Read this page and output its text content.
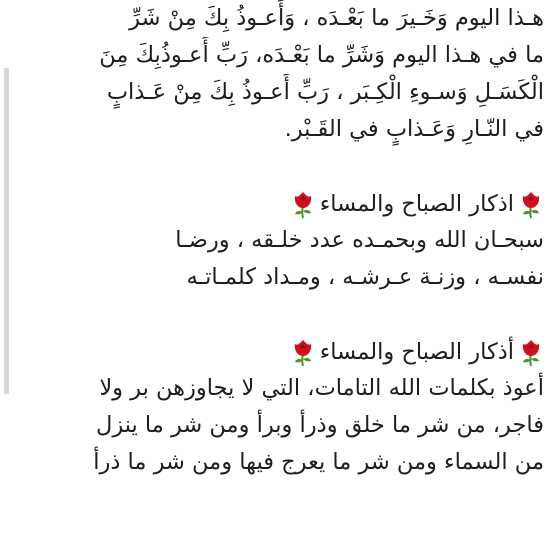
هـذا اليوم وَخَـيرَ ما بَعْـدَه ، وَأَعـوذُ بِكَ مِنْ شَرِّ
ما في هـذا اليوم وَشَرِّ ما بَعْـدَه، رَبِّ أَعـوذُبِكَ مِنَ
الْكَسَـلِ وَسـوءِ الْكِـبَر ، رَبِّ أَعـوذُ بِكَ مِنْ عَـذابٍ
في النّـارِ وَعَـذابٍ في القَـبْر.
اذكار الصباح والمساء
سبحـان الله وبحمـده عدد خلـقه ، ورضـا
نفسـه ، وزنـة عـرشـه ، ومـداد كلمـاتـه
أذكار الصباح والمساء
أعوذ بكلمات الله التامات، التي لا يجاوزهن بر ولا
فاجر، من شر ما خلق وذرأ وبرأ ومن شر ما ينزل
من السماء ومن شر ما يعرج فيها ومن شر ما ذرأ
